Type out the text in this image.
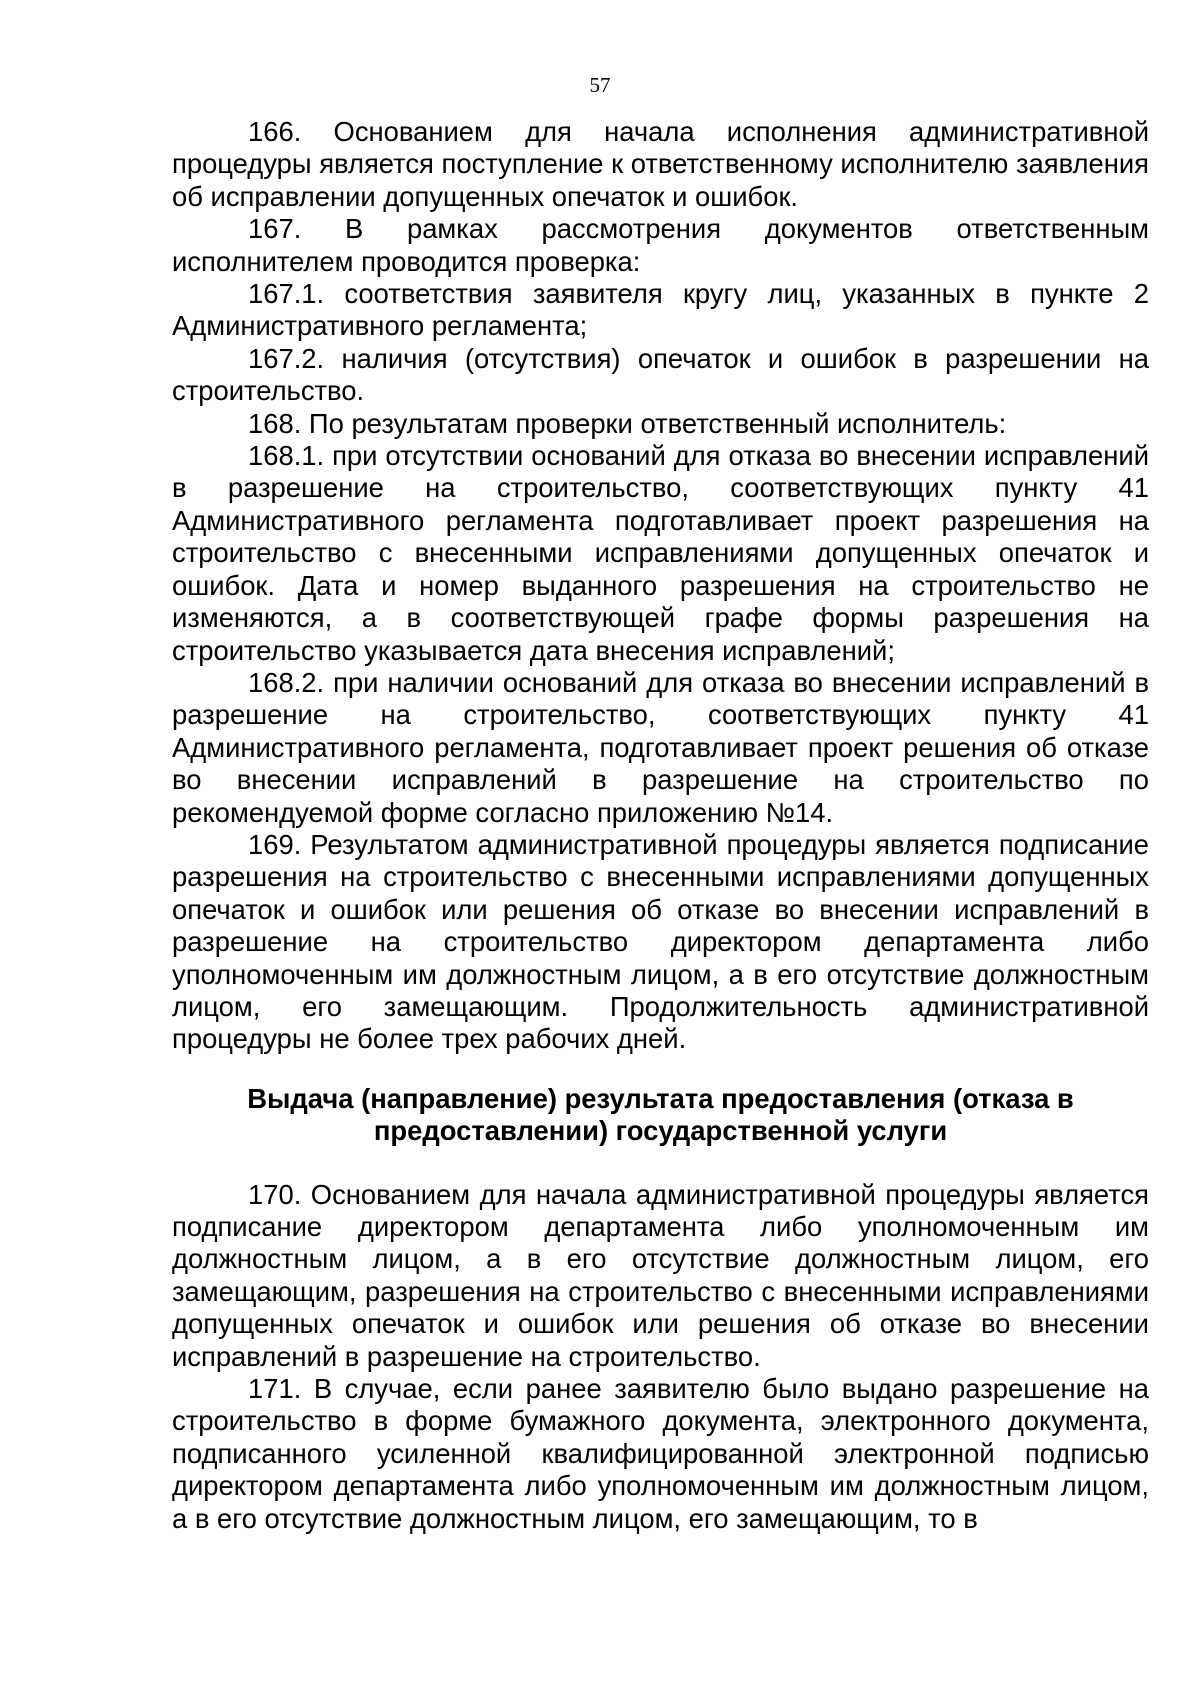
57

166. Основанием для начала исполнения административной процедуры является поступление к ответственному исполнителю заявления об исправлении допущенных опечаток и ошибок.

167. В рамках рассмотрения документов ответственным исполнителем проводится проверка:

167.1. соответствия заявителя кругу лиц, указанных в пункте 2 Административного регламента;

167.2. наличия (отсутствия) опечаток и ошибок в разрешении на строительство.

168. По результатам проверки ответственный исполнитель:

168.1. при отсутствии оснований для отказа во внесении исправлений в разрешение на строительство, соответствующих пункту 41 Административного регламента подготавливает проект разрешения на строительство с внесенными исправлениями допущенных опечаток и ошибок. Дата и номер выданного разрешения на строительство не изменяются, а в соответствующей графе формы разрешения на строительство указывается дата внесения исправлений;

168.2. при наличии оснований для отказа во внесении исправлений в разрешение на строительство, соответствующих пункту 41 Административного регламента, подготавливает проект решения об отказе во внесении исправлений в разрешение на строительство по рекомендуемой форме согласно приложению №14.

169. Результатом административной процедуры является подписание разрешения на строительство с внесенными исправлениями допущенных опечаток и ошибок или решения об отказе во внесении исправлений в разрешение на строительство директором департамента либо уполномоченным им должностным лицом, а в его отсутствие должностным лицом, его замещающим. Продолжительность административной процедуры не более трех рабочих дней.

Выдача (направление) результата предоставления (отказа в
предоставлении) государственной услуги

170. Основанием для начала административной процедуры является подписание директором департамента либо уполномоченным им должностным лицом, а в его отсутствие должностным лицом, его замещающим, разрешения на строительство с внесенными исправлениями допущенных опечаток и ошибок или решения об отказе во внесении исправлений в разрешение на строительство.

171. В случае, если ранее заявителю было выдано разрешение на строительство в форме бумажного документа, электронного документа, подписанного усиленной квалифицированной электронной подписью директором департамента либо уполномоченным им должностным лицом, а в его отсутствие должностным лицом, его замещающим, то в
